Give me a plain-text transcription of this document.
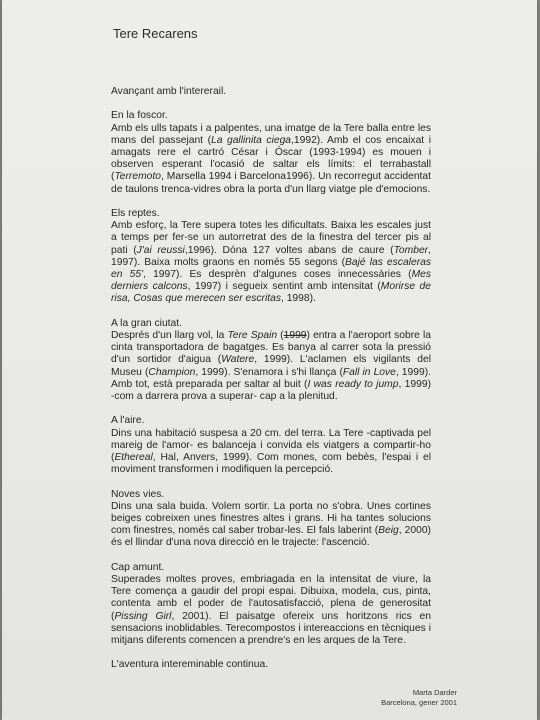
Tere Recarens

Avançant amb l'intererail.

En la foscor.
Amb els ulls tapats i a palpentes, una imatge de la Tere balla entre les mans del passejant (La gallinita ciega,1992). Amb el cos encaixat i amagats rere el cartró César i Óscar (1993-1994) es mouen i observen esperant l'ocasió de saltar els límits: el terrabastall (Terremoto, Marsella 1994 i Barcelona1996). Un recorregut accidentat de taulons trenca-vidres obra la porta d'un llarg viatge ple d'emocions.

Els reptes.
Amb esforç, la Tere supera totes les dificultats. Baixa les escales just a temps per fer-se un autorretrat des de la finestra del tercer pis al pati (J'ai reussi,1996). Dóna 127 voltes abans de caure (Tomber, 1997). Baixa molts graons en només 55 segons (Bajé las escaleras en 55', 1997). Es desprèn d'algunes coses innecessàries (Mes derniers calcons, 1997) i segueix sentint amb intensitat (Morirse de risa, Cosas que merecen ser escritas, 1998).

A la gran ciutat.
Després d'un llarg vol, la Tere Spain (1999) entra a l'aeroport sobre la cinta transportadora de bagatges. Es banya al carrer sota la pressió d'un sortidor d'aigua (Watere, 1999). L'aclamen els vigilants del Museu (Champion, 1999). S'enamora i s'hi llança (Fall in Love, 1999). Amb tot, està preparada per saltar al buit (I was ready to jump, 1999) -com a darrera prova a superar- cap a la plenitud.

A l'aire.
Dins una habitació suspesa a 20 cm. del terra. La Tere -captivada pel mareig de l'amor- es balanceja i convida els viatgers a compartir-ho (Ethereal, Hal, Anvers, 1999). Com mones, com bebès, l'espai i el moviment transformen i modifiquen la percepció.

Noves vies.
Dins una sala buida. Volem sortir. La porta no s'obra. Unes cortines beiges cobreixen unes finestres altes i grans. Hi ha tantes solucions com finestres, només cal saber trobar-les. El fals laberint (Beig, 2000) és el llindar d'una nova direcció en le trajecte: l'ascenció.

Cap amunt.
Superades moltes proves, embriagada en la intensitat de viure, la Tere comença a gaudir del propi espai. Dibuixa, modela, cus, pinta, contenta amb el poder de l'autosatisfacció, plena de generositat (Pissing Girl, 2001). El paisatge ofereix uns horitzons rics en sensacions inoblidables. Terecompostos i intereaccions en tècniques i mitjans diferents comencen a prendre's en les arques de la Tere.

L'aventura intereminable continua.

Marta Darder
Barcelona, gener 2001
